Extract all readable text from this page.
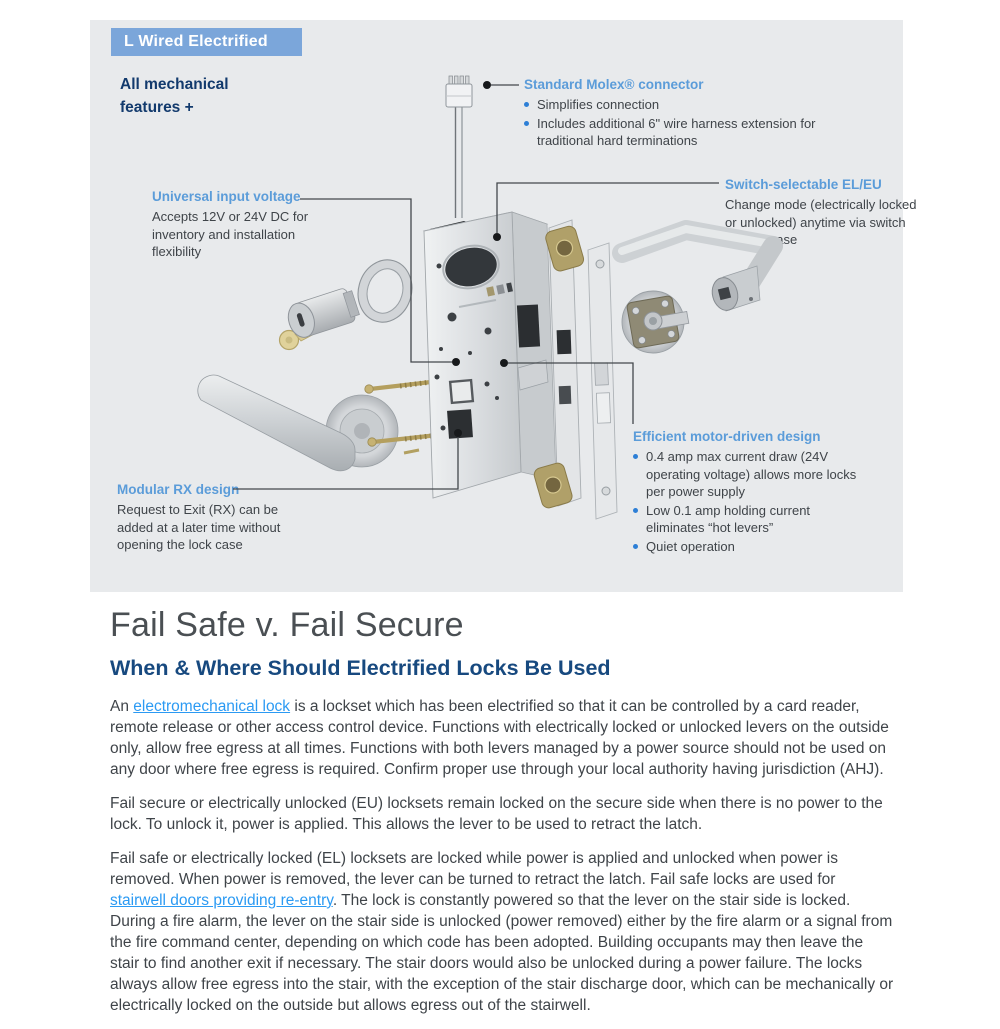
L Wired Electrified
All mechanical
features +
Standard Molex® connector
Simplifies connection
Includes additional 6" wire harness extension for traditional hard terminations
Universal input voltage
Accepts 12V or 24V DC for inventory and installation flexibility
Switch-selectable EL/EU
Change mode (electrically locked or unlocked) anytime via switch on lock case
Efficient motor-driven design
0.4 amp max current draw (24V operating voltage) allows more locks per power supply
Low 0.1 amp holding current eliminates “hot levers”
Quiet operation
Modular RX design
Request to Exit (RX) can be added at a later time without opening the lock case
Fail Safe v. Fail Secure
When & Where Should Electrified Locks Be Used

An electromechanical lock is a lockset which has been electrified so that it can be controlled by a card reader, remote release or other access control device. Functions with electrically locked or unlocked levers on the outside only, allow free egress at all times. Functions with both levers managed by a power source should not be used on any door where free egress is required. Confirm proper use through your local authority having jurisdiction (AHJ).

Fail secure or electrically unlocked (EU) locksets remain locked on the secure side when there is no power to the lock. To unlock it, power is applied. This allows the lever to be used to retract the latch.

Fail safe or electrically locked (EL) locksets are locked while power is applied and unlocked when power is removed. When power is removed, the lever can be turned to retract the latch. Fail safe locks are used for stairwell doors providing re-entry. The lock is constantly powered so that the lever on the stair side is locked. During a fire alarm, the lever on the stair side is unlocked (power removed) either by the fire alarm or a signal from the fire command center, depending on which code has been adopted. Building occupants may then leave the stair to find another exit if necessary. The stair doors would also be unlocked during a power failure. The locks always allow free egress into the stair, with the exception of the stair discharge door, which can be mechanically or electrically locked on the outside but allows egress out of the stairwell.
